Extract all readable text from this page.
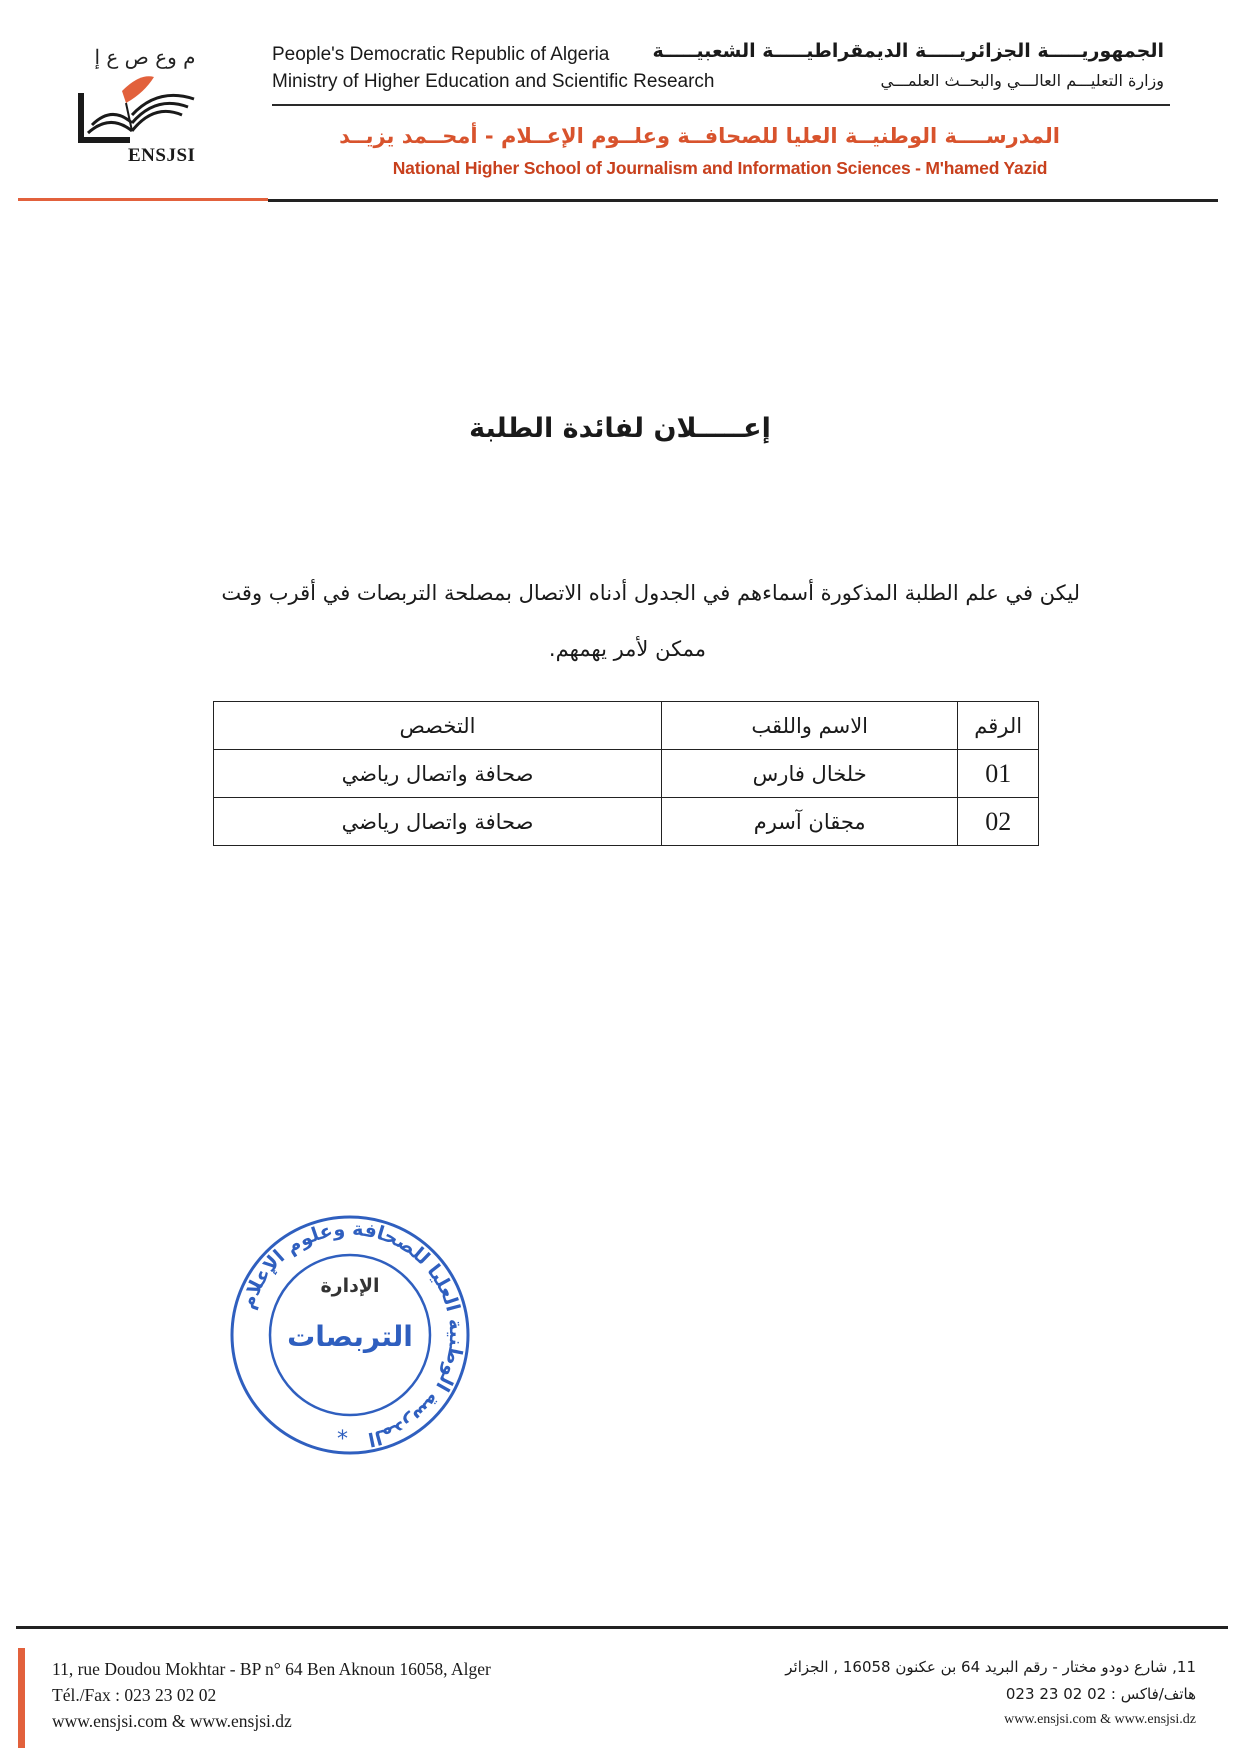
م وع ص ع إ
ENSJSI
People's Democratic Republic of Algeria
Ministry of Higher Education and Scientific Research
الجمهوريـــــة الجزائريـــــة الديمقراطيـــــة الشعبيـــــة
وزارة التعليـــم العالـــي والبحــث العلمـــي
المدرســــة الوطنيــة العليا للصحافــة وعلــوم الإعــلام - أمحــمد يزيــد
National Higher School of Journalism and Information Sciences - M'hamed Yazid
إعـــــلان لفائدة الطلبة
ليكن في علم الطلبة المذكورة أسماءهم في الجدول أدناه الاتصال بمصلحة التربصات في أقرب وقت
ممكن لأمر يهمهم.
الرقم	الاسم واللقب	التخصص
01	خلخال فارس	صحافة واتصال رياضي
02	مجقان آسرم	صحافة واتصال رياضي
المدرسة الوطنية العليا للصحافة وعلوم الإعلام
الإدارة
التربصات
*
11, rue Doudou Mokhtar - BP n° 64 Ben Aknoun 16058, Alger
Tél./Fax : 023 23 02 02
www.ensjsi.com & www.ensjsi.dz
11, شارع دودو مختار - رقم البريد 64 بن عكنون 16058 , الجزائر
هاتف/فاكس : 02 02 23 023
www.ensjsi.com & www.ensjsi.dz
